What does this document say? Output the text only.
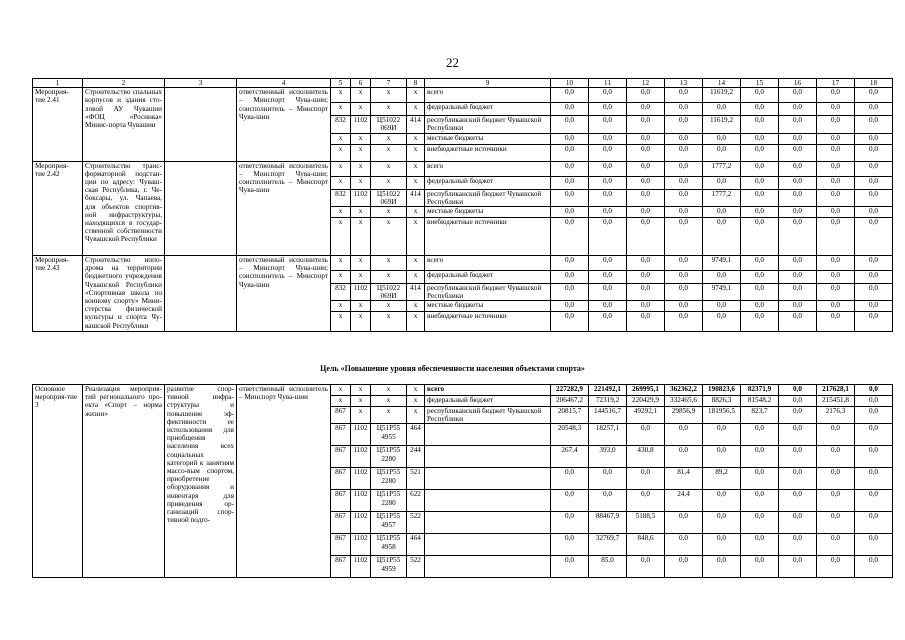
22
1	2	3	4	5	6	7	8	9	10	11	12	13	14	15	16	17	18
Мероприя- тие 2.41	Строительство спальных корпусов и здания сто-ловой АУ Чувашии «ФОЦ «Росинка» Минис-порта Чувашии		ответственный исполнитель – Минспорт Чува-шии; соисполнитель – Минспорт Чува-шии	x	x	x	x	всего	0,0	0,0	0,0	0,0	11619,2	0,0	0,0	0,0	0,0
				x	x	x	x	федеральный бюджет	0,0	0,0	0,0	0,0	0,0	0,0	0,0	0,0	0,0
				832	1102	Ц51022 069И	414	республиканский бюджет Чувашской Республики	0,0	0,0	0,0	0,0	11619,2	0,0	0,0	0,0	0,0
				x	x	x	x	местные бюджеты	0,0	0,0	0,0	0,0	0,0	0,0	0,0	0,0	0,0
				x	x	x	x	внебюджетные источники	0,0	0,0	0,0	0,0	0,0	0,0	0,0	0,0	0,0
Мероприя- тие 2.42	Строительство транс-форматорной подстан-ции по адресу: Чуваш-ская Республика, г. Че-боксары, ул. Чапаева, для объектов спортив-ной инфраструктуры, находящихся в государ-ственной собственности Чувашской Республики		ответственный исполнитель – Минспорт Чува-шии; соисполнитель – Минспорт Чува-шии	x	x	x	x	всего	0,0	0,0	0,0	0,0	1777,2	0,0	0,0	0,0	0,0
				x	x	x	x	федеральный бюджет	0,0	0,0	0,0	0,0	0,0	0,0	0,0	0,0	0,0
				832	1102	Ц51022 069И	414	республиканский бюджет Чувашской Республики	0,0	0,0	0,0	0,0	1777,2	0,0	0,0	0,0	0,0
				x	x	x	x	местные бюджеты	0,0	0,0	0,0	0,0	0,0	0,0	0,0	0,0	0,0
				x	x	x	x	внебюджетные источники	0,0	0,0	0,0	0,0	0,0	0,0	0,0	0,0	0,0
Мероприя- тие 2.43	Строительство иппо-дрома на территории бюджетного учреждения Чувашской Республики «Спортивная школа по конному спорту» Мини-стерства физической культуры и спорта Чу-вашской Республики		ответственный исполнитель – Минспорт Чува-шии; соисполнитель – Минспорт Чува-шии	x	x	x	x	всего	0,0	0,0	0,0	0,0	9749,1	0,0	0,0	0,0	0,0
				x	x	x	x	федеральный бюджет	0,0	0,0	0,0	0,0	0,0	0,0	0,0	0,0	0,0
				832	1102	Ц51022 069И	414	республиканский бюджет Чувашской Республики	0,0	0,0	0,0	0,0	9749,1	0,0	0,0	0,0	0,0
				x	x	x	x	местные бюджеты	0,0	0,0	0,0	0,0	0,0	0,0	0,0	0,0	0,0
				x	x	x	x	внебюджетные источники	0,0	0,0	0,0	0,0	0,0	0,0	0,0	0,0	0,0
Цель «Повышение уровня обеспеченности населения объектами спорта»
Основное мероприя-тие 3	Реализация мероприя-тий регионального про-екта «Спорт – норма жизни»	развитие спор-тивной инфра-структуры и повышение эф-фективности ее использования для приобщения населения всех социальных категорий к занятиям массо-вым спортом, приобретение оборудования и инвентаря для приведения ор-ганизаций спор-тивной подго-	ответственный исполнитель – Минспорт Чува-шии	x	x	x	x	всего	227282,9	221492,1	269995,1	362362,2	190823,6	82371,9	0,0	217628,1	0,0
				x	x	x	x	федеральный бюджет	206467,2	72319,2	220429,9	332465,6	8826,3	81548,2	0,0	215451,8	0,0
				867	x	x	x	республиканский бюджет Чувашской Республики	20815,7	144516,7	49292,1	29856,9	181956,5	823,7	0,0	2176,3	0,0
				867	1102	Ц51Р55 4955	464		20548,3	18257,1	0,0	0,0	0,0	0,0	0,0	0,0	0,0
				867	1102	Ц51Р55 2280	244		267,4	393,0	430,8	0,0	0,0	0,0	0,0	0,0	0,0
				867	1102	Ц51Р55 2280	521		0,0	0,0	0,0	81,4	89,2	0,0	0,0	0,0	0,0
				867	1102	Ц51Р55 2280	622		0,0	0,0	0,0	24,4	0,0	0,0	0,0	0,0	0,0
				867	1102	Ц51Р55 4957	522		0,0	88467,9	5188,5	0,0	0,0	0,0	0,0	0,0	0,0
				867	1102	Ц51Р55 4958	464		0,0	32769,7	848,6	0,0	0,0	0,0	0,0	0,0	0,0
				867	1102	Ц51Р55 4959	522		0,0	85,0	0,0	0,0	0,0	0,0	0,0	0,0	0,0
